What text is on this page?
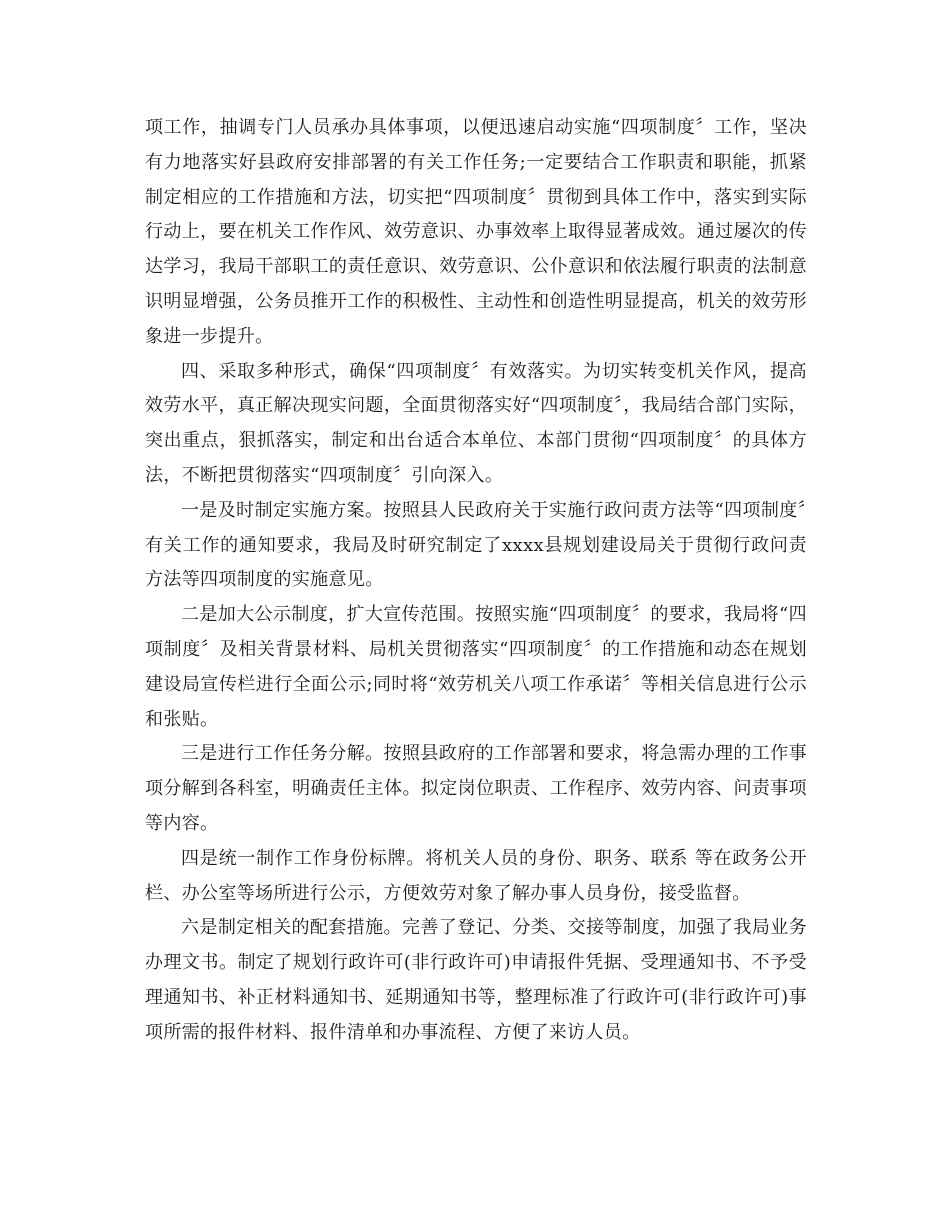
项工作，抽调专门人员承办具体事项，以便迅速启动实施“四项制度〞工作，坚决有力地落实好县政府安排部署的有关工作任务;一定要结合工作职责和职能，抓紧制定相应的工作措施和方法，切实把“四项制度〞贯彻到具体工作中，落实到实际行动上，要在机关工作作风、效劳意识、办事效率上取得显著成效。通过屡次的传达学习，我局干部职工的责任意识、效劳意识、公仆意识和依法履行职责的法制意识明显增强，公务员推开工作的积极性、主动性和创造性明显提高，机关的效劳形象进一步提升。

四、采取多种形式，确保“四项制度〞有效落实。为切实转变机关作风，提高效劳水平，真正解决现实问题，全面贯彻落实好“四项制度〞，我局结合部门实际，突出重点，狠抓落实，制定和出台适合本单位、本部门贯彻“四项制度〞的具体方法，不断把贯彻落实“四项制度〞引向深入。

一是及时制定实施方案。按照县人民政府关于实施行政问责方法等“四项制度〞有关工作的通知要求，我局及时研究制定了xxxx县规划建设局关于贯彻行政问责方法等四项制度的实施意见。

二是加大公示制度，扩大宣传范围。按照实施“四项制度〞的要求，我局将“四项制度〞及相关背景材料、局机关贯彻落实“四项制度〞的工作措施和动态在规划建设局宣传栏进行全面公示;同时将“效劳机关八项工作承诺〞等相关信息进行公示和张贴。

三是进行工作任务分解。按照县政府的工作部署和要求，将急需办理的工作事项分解到各科室，明确责任主体。拟定岗位职责、工作程序、效劳内容、问责事项等内容。

四是统一制作工作身份标牌。将机关人员的身份、职务、联系 等在政务公开栏、办公室等场所进行公示，方便效劳对象了解办事人员身份，接受监督。

六是制定相关的配套措施。完善了登记、分类、交接等制度，加强了我局业务办理文书。制定了规划行政许可(非行政许可)申请报件凭据、受理通知书、不予受理通知书、补正材料通知书、延期通知书等，整理标准了行政许可(非行政许可)事项所需的报件材料、报件清单和办事流程、方便了来访人员。
